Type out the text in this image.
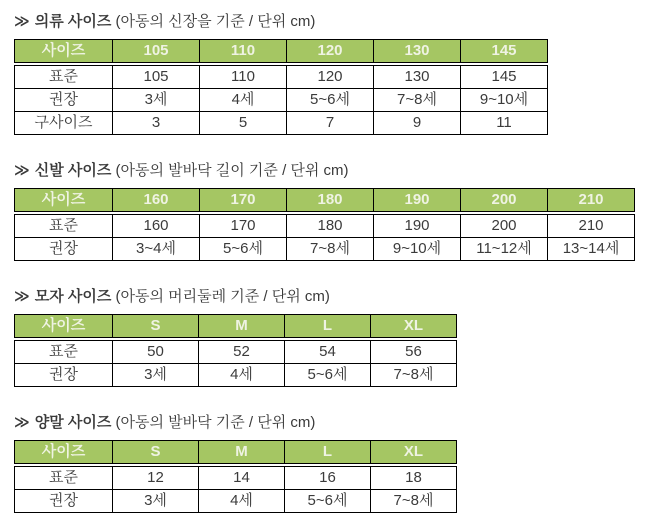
≫ 의류 사이즈 (아동의 신장을 기준 / 단위 cm)
사이즈	105	110	120	130	145
표준	105	110	120	130	145
권장	3세	4세	5~6세	7~8세	9~10세
구사이즈	3	5	7	9	11
≫ 신발 사이즈 (아동의 발바닥 길이 기준 / 단위 cm)
사이즈	160	170	180	190	200	210
표준	160	170	180	190	200	210
권장	3~4세	5~6세	7~8세	9~10세	11~12세	13~14세
≫ 모자 사이즈 (아동의 머리둘레 기준 / 단위 cm)
사이즈	S	M	L	XL
표준	50	52	54	56
권장	3세	4세	5~6세	7~8세
≫ 양말 사이즈 (아동의 발바닥 기준 / 단위 cm)
사이즈	S	M	L	XL
표준	12	14	16	18
권장	3세	4세	5~6세	7~8세
